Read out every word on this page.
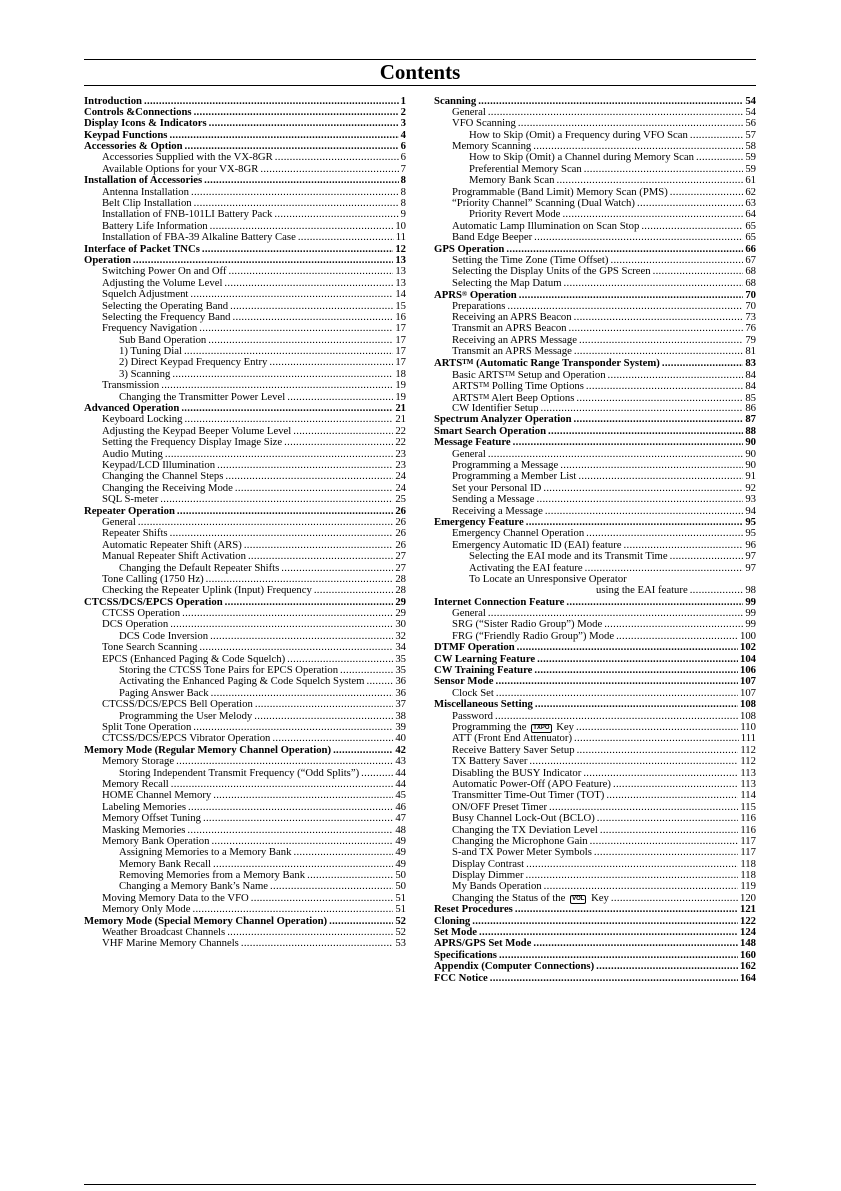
Contents
Introduction .....	1
Controls &Connections .....	2
Display Icons & Indicators .....	3
Keypad Functions .....	4
Accessories & Option .....	6
Accessories Supplied with the VX-8GR .....	6
Available Options for your VX-8GR .....	7
Installation of Accessories .....	8
Antenna Installation .....	8
Belt Clip Installation .....	8
Installation of FNB-101LI Battery Pack .....	9
Battery Life Information .....	10
Installation of FBA-39 Alkaline Battery Case .....	11
Interface of Packet TNCs .....	12
Operation .....	13
Switching Power On and Off .....	13
Adjusting the Volume Level .....	13
Squelch Adjustment .....	14
Selecting the Operating Band .....	15
Selecting the Frequency Band .....	16
Frequency Navigation .....	17
Sub Band Operation .....	17
1) Tuning Dial .....	17
2) Direct Keypad Frequency Entry .....	17
3) Scanning .....	18
Transmission .....	19
Changing the Transmitter Power Level .....	19
Advanced Operation .....	21
Keyboard Locking .....	21
Adjusting the Keypad Beeper Volume Level .....	22
Setting the Frequency Display Image Size .....	22
Audio Muting .....	23
Keypad/LCD Illumination .....	23
Changing the Channel Steps .....	24
Changing the Receiving Mode .....	24
SQL S-meter .....	25
Repeater Operation .....	26
General .....	26
Repeater Shifts .....	26
Automatic Repeater Shift (ARS) .....	26
Manual Repeater Shift Activation .....	27
Changing the Default Repeater Shifts .....	27
Tone Calling (1750 Hz) .....	28
Checking the Repeater Uplink (Input) Frequency .....	28
CTCSS/DCS/EPCS Operation .....	29
CTCSS Operation .....	29
DCS Operation .....	30
DCS Code Inversion .....	32
Tone Search Scanning .....	34
EPCS (Enhanced Paging & Code Squelch) .....	35
Storing the CTCSS Tone Pairs for EPCS Operation .....	35
Activating the Enhanced Paging & Code Squelch System .....	36
Paging Answer Back .....	36
CTCSS/DCS/EPCS Bell Operation .....	37
Programming the User Melody .....	38
Split Tone Operation .....	39
CTCSS/DCS/EPCS Vibrator Operation .....	40
Memory Mode (Regular Memory Channel Operation) .....	42
Memory Storage .....	43
Storing Independent Transmit Frequency (“Odd Splits”) .....	44
Memory Recall .....	44
HOME Channel Memory .....	45
Labeling Memories .....	46
Memory Offset Tuning .....	47
Masking Memories .....	48
Memory Bank Operation .....	49
Assigning Memories to a Memory Bank .....	49
Memory Bank Recall .....	49
Removing Memories from a Memory Bank .....	50
Changing a Memory Bank’s Name .....	50
Moving Memory Data to the VFO .....	51
Memory Only Mode .....	51
Memory Mode (Special Memory Channel Operation) .....	52
Weather Broadcast Channels .....	52
VHF Marine Memory Channels .....	53
Scanning .....	54
General .....	54
VFO Scanning .....	56
How to Skip (Omit) a Frequency during VFO Scan .....	57
Memory Scanning .....	58
How to Skip (Omit) a Channel during Memory Scan .....	59
Preferential Memory Scan .....	59
Memory Bank Scan .....	61
Programmable (Band Limit) Memory Scan (PMS) .....	62
“Priority Channel” Scanning (Dual Watch) .....	63
Priority Revert Mode .....	64
Automatic Lamp Illumination on Scan Stop .....	65
Band Edge Beeper .....	65
GPS Operation .....	66
Setting the Time Zone (Time Offset) .....	67
Selecting the Display Units of the GPS Screen .....	68
Selecting the Map Datum .....	68
APRS® Operation .....	70
Preparations .....	70
Receiving an APRS Beacon .....	73
Transmit an APRS Beacon .....	76
Receiving an APRS Message .....	79
Transmit an APRS Message .....	81
ARTS™ (Automatic Range Transponder System) .....	83
Basic ARTS™ Setup and Operation .....	84
ARTS™ Polling Time Options .....	84
ARTS™ Alert Beep Options .....	85
CW Identifier Setup .....	86
Spectrum Analyzer Operation .....	87
Smart Search Operation .....	88
Message Feature .....	90
General .....	90
Programming a Message .....	90
Programming a Member List .....	91
Set your Personal ID .....	92
Sending a Message .....	93
Receiving a Message .....	94
Emergency Feature .....	95
Emergency Channel Operation .....	95
Emergency Automatic ID (EAI) feature .....	96
Selecting the EAI mode and its Transmit Time .....	97
Activating the EAI feature .....	97
To Locate an Unresponsive Operator
using the EAI feature .....	98
Internet Connection Feature .....	99
General .....	99
SRG (“Sister Radio Group”) Mode .....	99
FRG (“Friendly Radio Group”) Mode .....	100
DTMF Operation .....	102
CW Learning Feature .....	104
CW Training Feature .....	106
Sensor Mode .....	107
Clock Set .....	107
Miscellaneous Setting .....	108
Password .....	108
Programming the TXPO Key .....	110
ATT (Front End Attenuator) .....	111
Receive Battery Saver Setup .....	112
TX Battery Saver .....	112
Disabling the BUSY Indicator .....	113
Automatic Power-Off (APO Feature) .....	113
Transmitter Time-Out Timer (TOT) .....	114
ON/OFF Preset Timer .....	115
Busy Channel Lock-Out (BCLO) .....	116
Changing the TX Deviation Level .....	116
Changing the Microphone Gain .....	117
S-and TX Power Meter Symbols .....	117
Display Contrast .....	118
Display Dimmer .....	118
My Bands Operation .....	119
Changing the Status of the VOL Key .....	120
Reset Procedures .....	121
Cloning .....	122
Set Mode .....	124
APRS/GPS Set Mode .....	148
Specifications .....	160
Appendix (Computer Connections) .....	162
FCC Notice .....	164
